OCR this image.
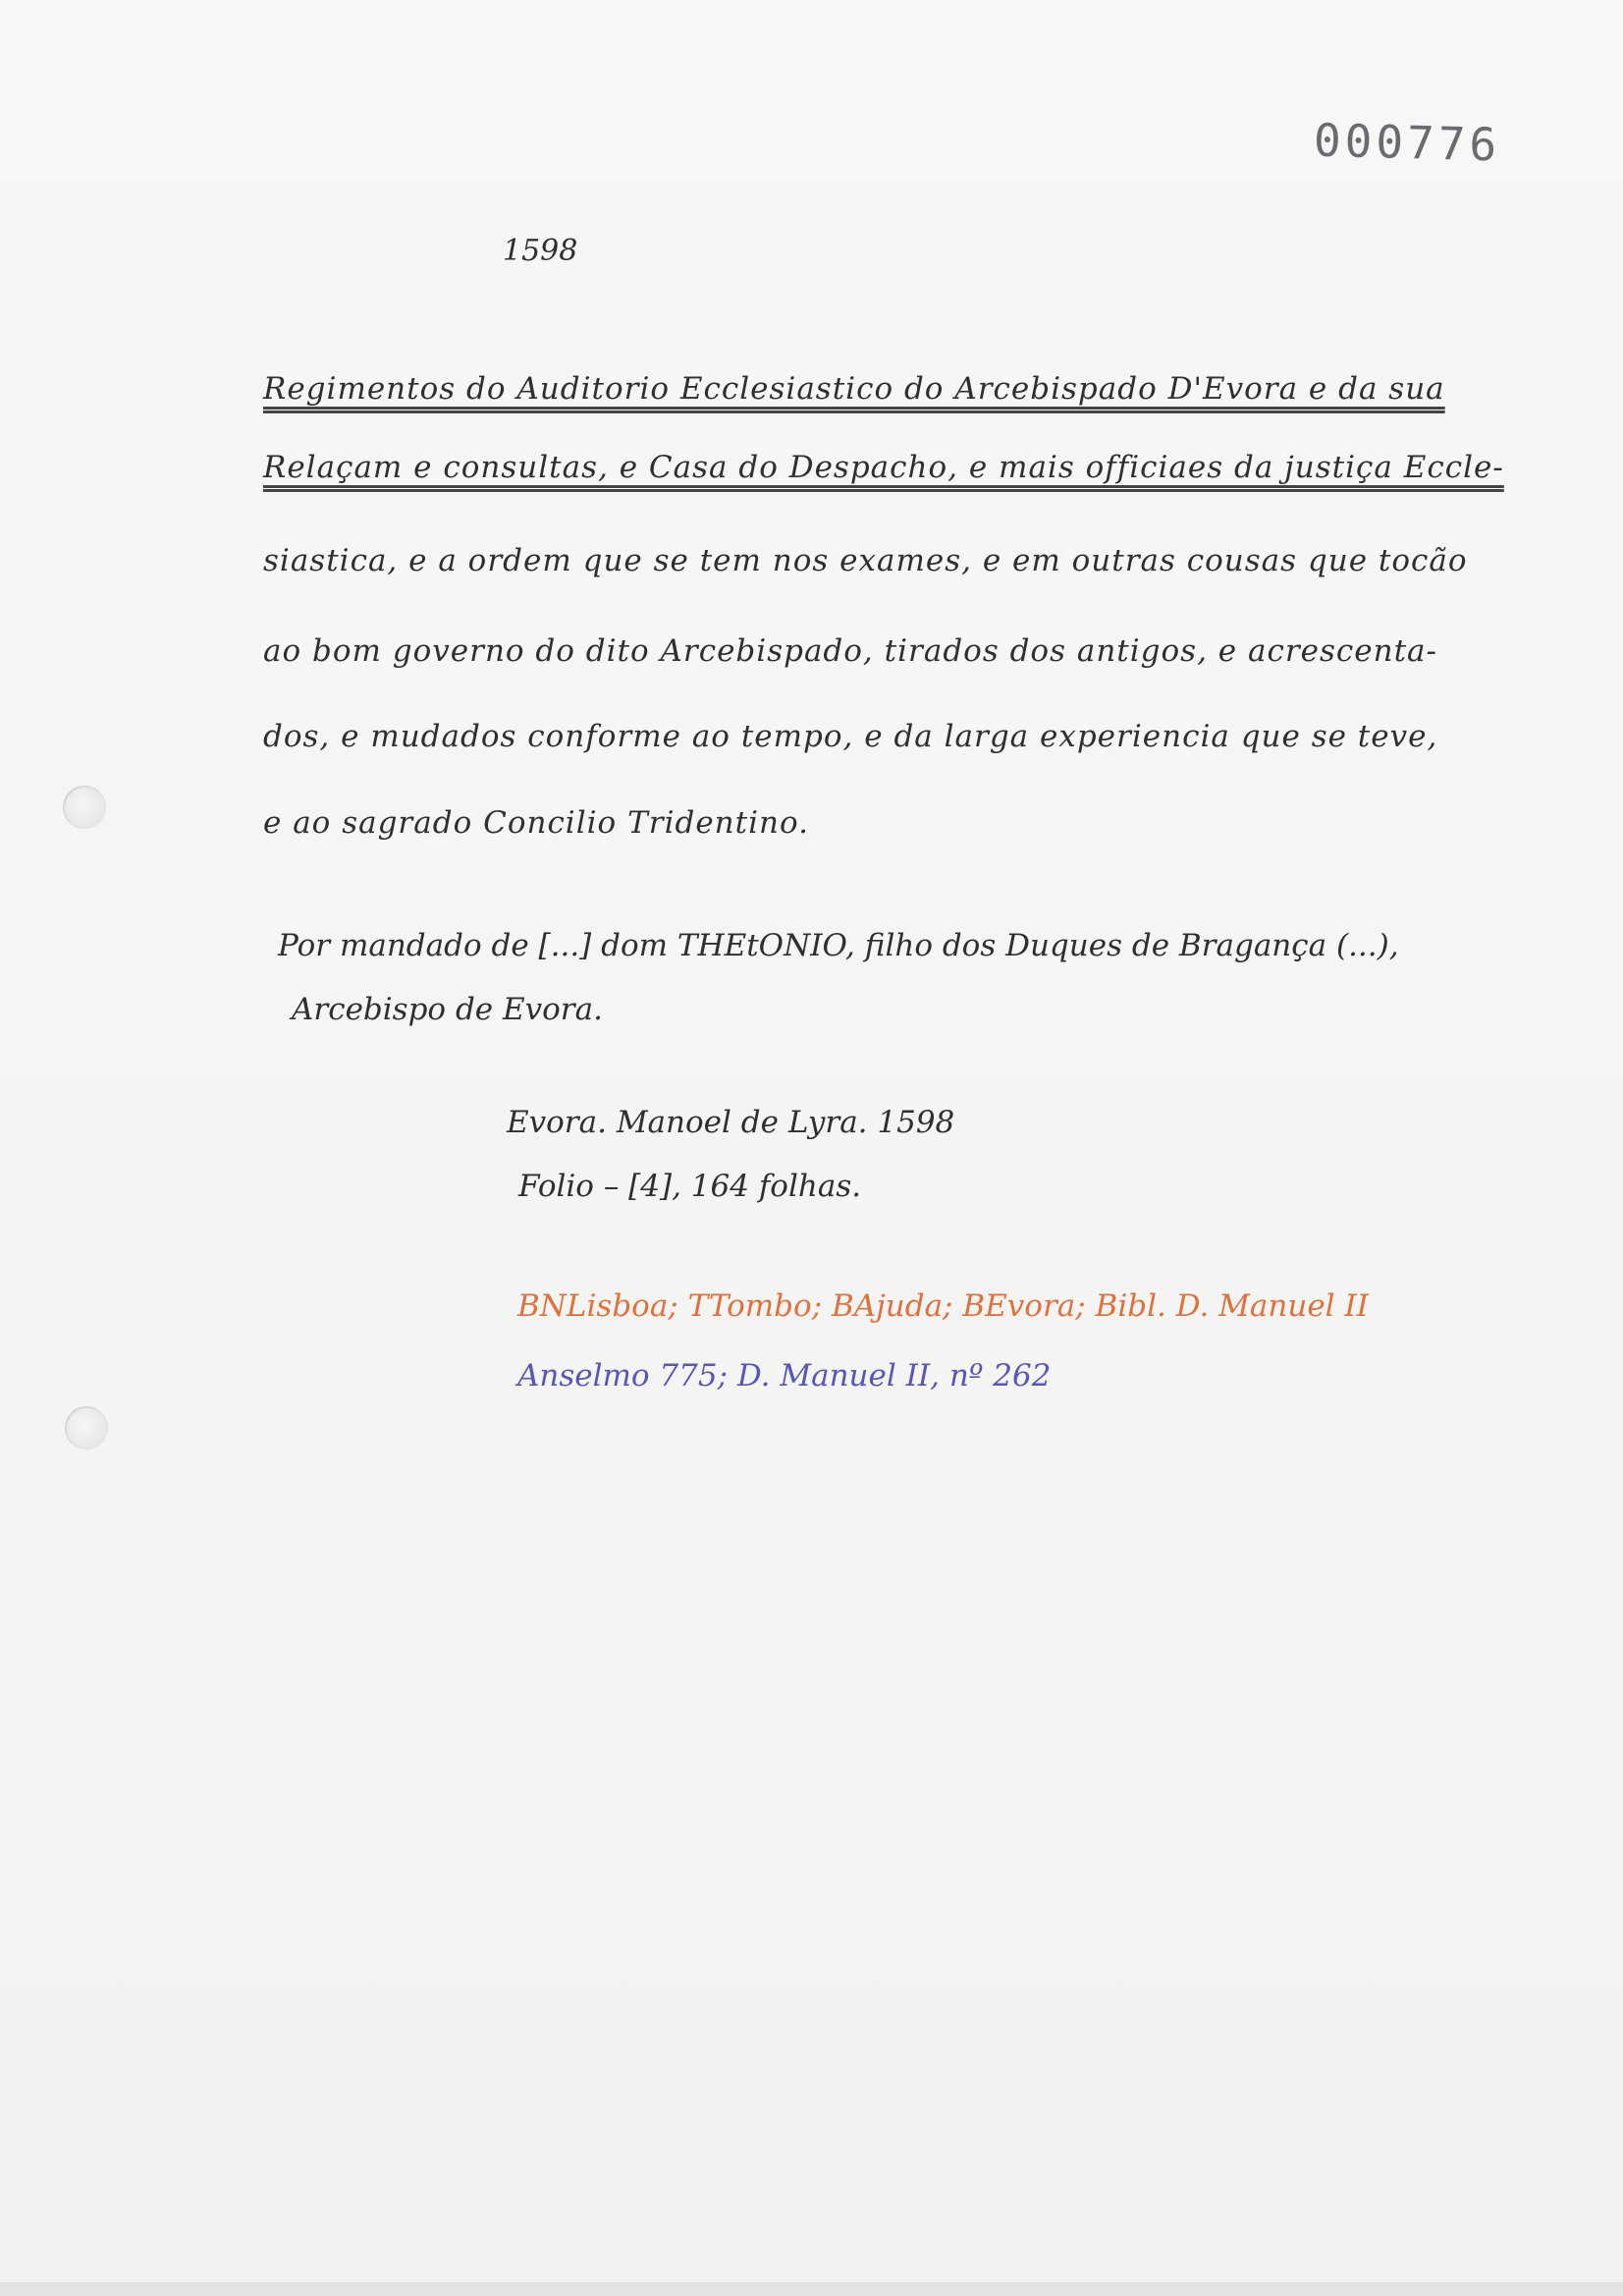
000776
1598
Regimentos do Auditorio Ecclesiastico do Arcebispado D'Evora e da sua
Relaçam e consultas, e Casa do Despacho, e mais officiaes da justiça Eccle-
siastica, e a ordem que se tem nos exames, e em outras cousas que tocão
ao bom governo do dito Arcebispado, tirados dos antigos, e acrescenta-
dos, e mudados conforme ao tempo, e da larga experiencia que se teve,
e ao sagrado Concilio Tridentino.
Por mandado de [...] dom THEtONIO, filho dos Duques de Bragança (...),
Arcebispo de Evora.
Evora. Manoel de Lyra. 1598
Folio – [4], 164 folhas.
BNLisboa; TTombo; BAjuda; BEvora; Bibl. D. Manuel II
Anselmo 775; D. Manuel II, nº 262
